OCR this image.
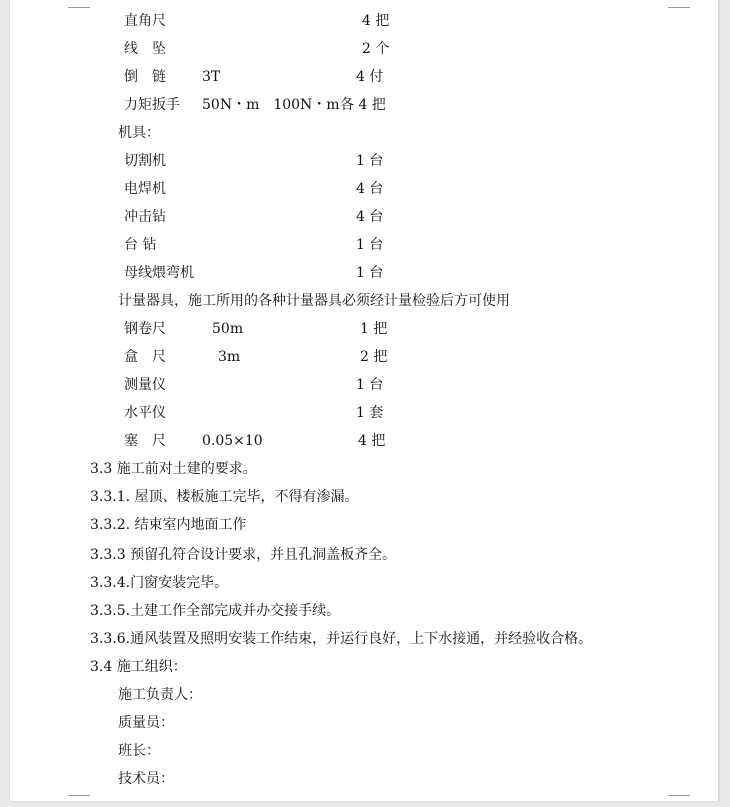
直角尺	4 把
线　坠	2 个
倒　链	3T	4 付
力矩扳手 50N・m　100N・m 各 4 把
机具：
切割机	1 台
电焊机	4 台
冲击钻	4 台
台 钻	1 台
母线煨弯机	1 台
计量器具，施工所用的各种计量器具必须经计量检验后方可使用
钢卷尺	50m	1 把
盒　尺	3m	2 把
测量仪	1 台
水平仪	1 套
塞　尺	0.05×10	4 把
3.3 施工前对土建的要求。
3.3.1. 屋顶、楼板施工完毕，不得有渗漏。
3.3.2. 结束室内地面工作
3.3.3 预留孔符合设计要求，并且孔洞盖板齐全。
3.3.4.门窗安装完毕。
3.3.5.土建工作全部完成并办交接手续。
3.3.6.通风装置及照明安装工作结束，并运行良好，上下水接通，并经验收合格。
3.4 施工组织：
施工负责人：
质量员：
班长：
技术员：
